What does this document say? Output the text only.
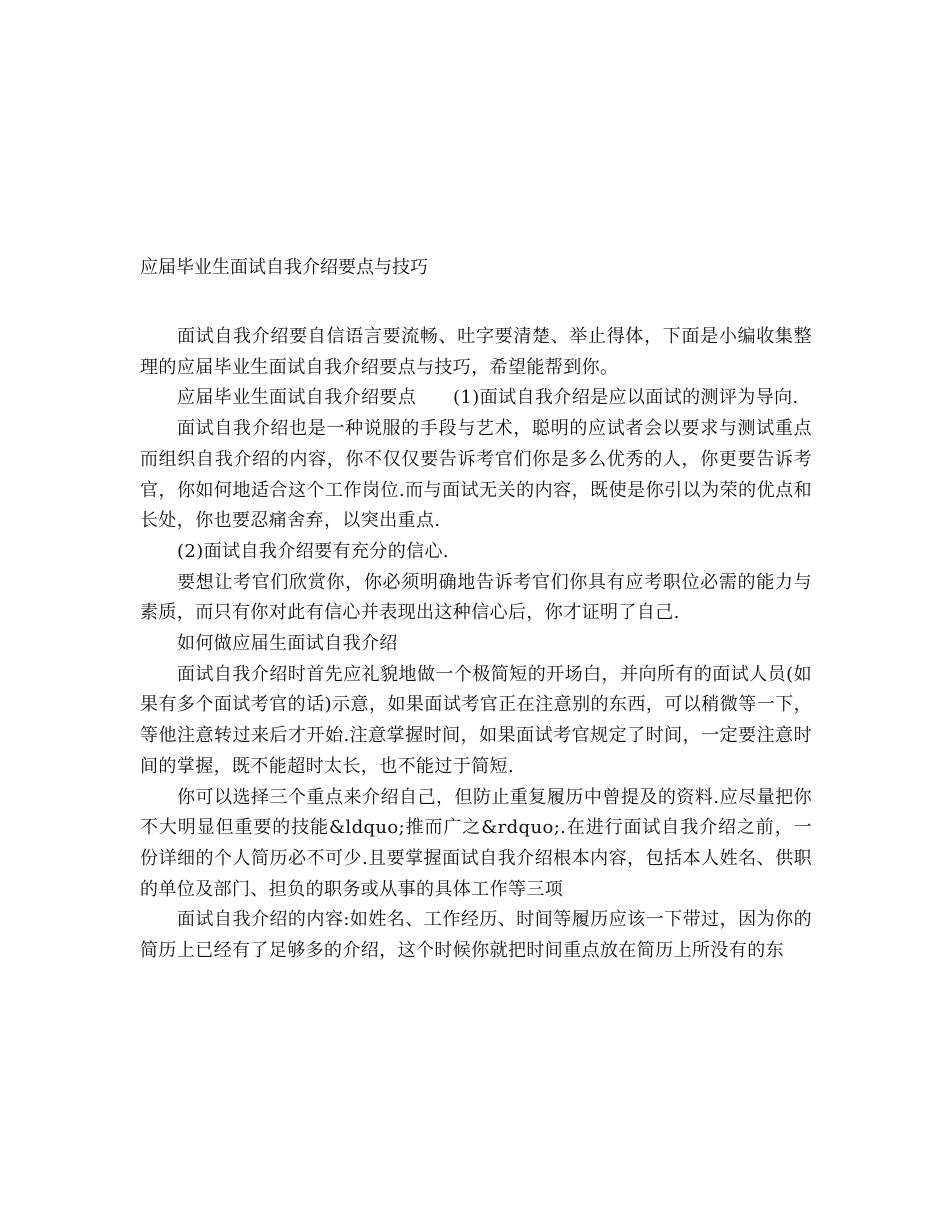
应届毕业生面试自我介绍要点与技巧

面试自我介绍要自信语言要流畅、吐字要清楚、举止得体，下面是小编收集整理的应届毕业生面试自我介绍要点与技巧，希望能帮到你。

应届毕业生面试自我介绍要点　　(1)面试自我介绍是应以面试的测评为导向.

面试自我介绍也是一种说服的手段与艺术，聪明的应试者会以要求与测试重点而组织自我介绍的内容，你不仅仅要告诉考官们你是多么优秀的人，你更要告诉考官，你如何地适合这个工作岗位.而与面试无关的内容，既使是你引以为荣的优点和长处，你也要忍痛舍弃，以突出重点.

(2)面试自我介绍要有充分的信心.

要想让考官们欣赏你，你必须明确地告诉考官们你具有应考职位必需的能力与素质，而只有你对此有信心并表现出这种信心后，你才证明了自己.

如何做应届生面试自我介绍

面试自我介绍时首先应礼貌地做一个极简短的开场白，并向所有的面试人员(如果有多个面试考官的话)示意，如果面试考官正在注意别的东西，可以稍微等一下，等他注意转过来后才开始.注意掌握时间，如果面试考官规定了时间，一定要注意时间的掌握，既不能超时太长，也不能过于简短.

你可以选择三个重点来介绍自己，但防止重复履历中曾提及的资料.应尽量把你不大明显但重要的技能&ldquo;推而广之&rdquo;.在进行面试自我介绍之前，一份详细的个人简历必不可少.且要掌握面试自我介绍根本内容，包括本人姓名、供职的单位及部门、担负的职务或从事的具体工作等三项

面试自我介绍的内容:如姓名、工作经历、时间等履历应该一下带过，因为你的简历上已经有了足够多的介绍，这个时候你就把时间重点放在简历上所没有的东
